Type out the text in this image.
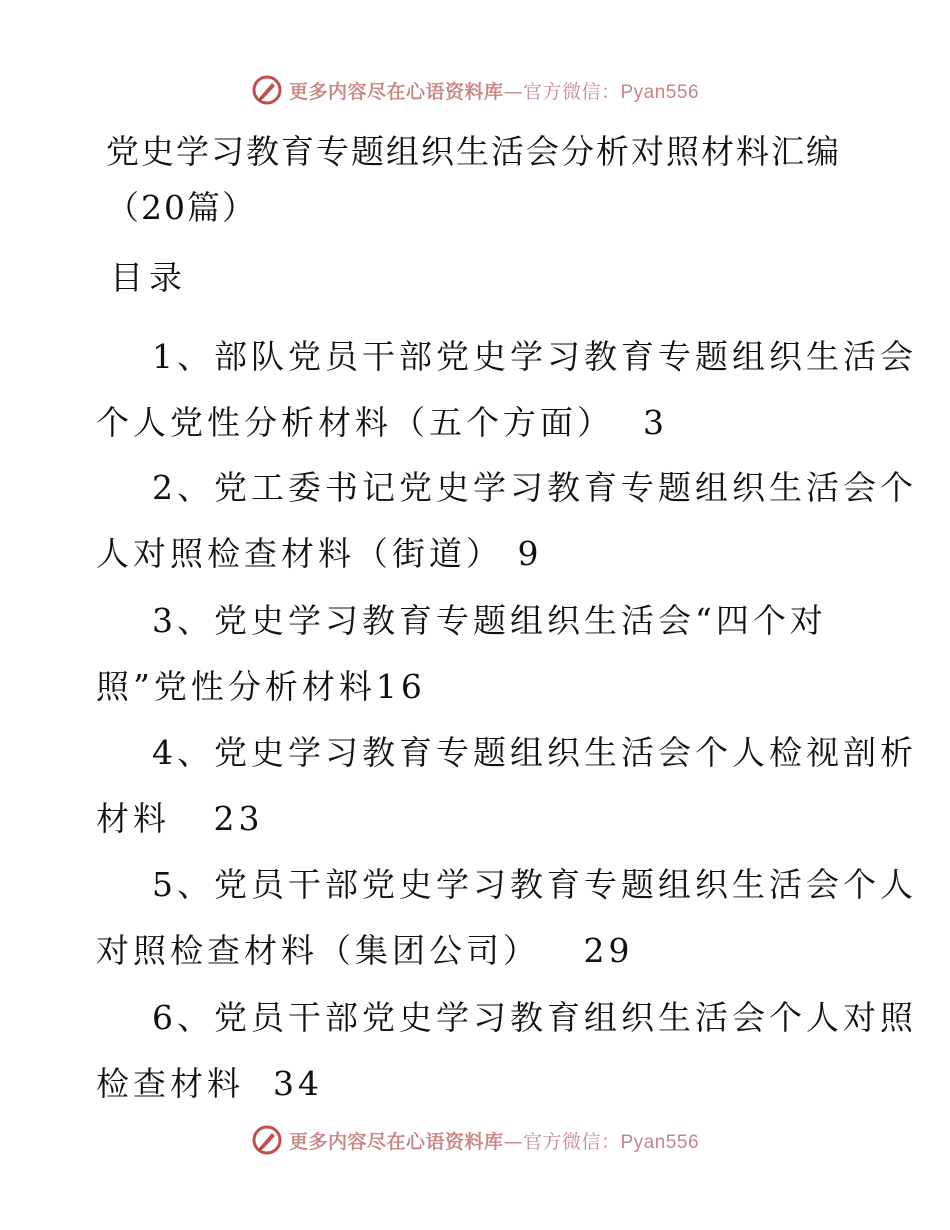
更多内容尽在心语资料库—官方微信：Pyan556
党史学习教育专题组织生活会分析对照材料汇编（20篇）
目录
1、部队党员干部党史学习教育专题组织生活会
个人党性分析材料（五个方面）  3
2、党工委书记党史学习教育专题组织生活会个
人对照检查材料（街道） 9
3、党史学习教育专题组织生活会“四个对
照”党性分析材料16
4、党史学习教育专题组织生活会个人检视剖析
材料   23
5、党员干部党史学习教育专题组织生活会个人
对照检查材料（集团公司）   29
6、党员干部党史学习教育组织生活会个人对照
检查材料  34
更多内容尽在心语资料库—官方微信：Pyan556
